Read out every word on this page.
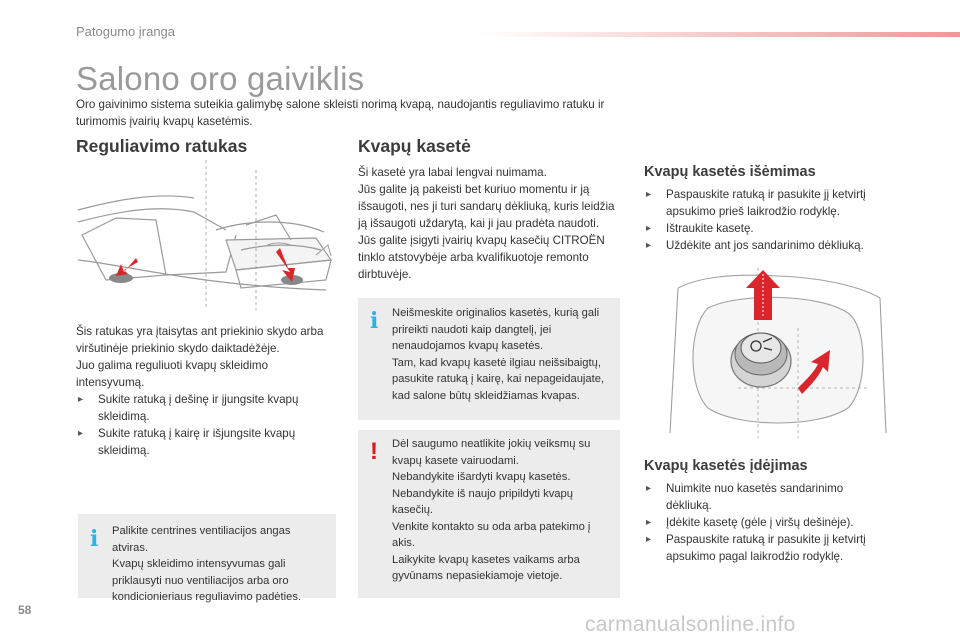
Patogumo įranga
Salono oro gaiviklis
Oro gaivinimo sistema suteikia galimybę salone skleisti norimą kvapą, naudojantis reguliavimo ratuku ir turimomis įvairių kvapų kasetėmis.
Reguliavimo ratukas

Šis ratukas yra įtaisytas ant priekinio skydo arba viršutinėje priekinio skydo daiktadėžėje.

Juo galima reguliuoti kvapų skleidimo intensyvumą.

▸ Sukite ratuką į dešinę ir įjungsite kvapų skleidimą.
▸ Sukite ratuką į kairę ir išjungsite kvapų skleidimą.
i Palikite centrines ventiliacijos angas atviras.

Kvapų skleidimo intensyvumas gali priklausyti nuo ventiliacijos arba oro kondicionieriaus reguliavimo padėties.

Kvapų kasetė

Ši kasetė yra labai lengvai nuimama.

Jūs galite ją pakeisti bet kuriuo momentu ir ją išsaugoti, nes ji turi sandarų dėkliuką, kuris leidžia ją išsaugoti uždarytą, kai ji jau pradėta naudoti.

Jūs galite įsigyti įvairių kvapų kasečių CITROËN tinklo atstovybėje arba kvalifikuotoje remonto dirbtuvėje.

i Neišmeskite originalios kasetės, kurią gali prireikti naudoti kaip dangtelį, jei nenaudojamos kvapų kasetės.

Tam, kad kvapų kasetė ilgiau neišsibaigtų, pasukite ratuką į kairę, kai nepageidaujate, kad salone būtų skleidžiamas kvapas.

! Dėl saugumo neatlikite jokių veiksmų su kvapų kasete vairuodami.

Nebandykite išardyti kvapų kasetės.

Nebandykite iš naujo pripildyti kvapų kasečių.

Venkite kontakto su oda arba patekimo į akis.

Laikykite kvapų kasetes vaikams arba gyvūnams nepasiekiamoje vietoje.

Kvapų kasetės išėmimas
▸ Paspauskite ratuką ir pasukite jį ketvirtį apsukimo prieš laikrodžio rodyklę.
▸ Ištraukite kasetę.
▸ Uždėkite ant jos sandarinimo dėkliuką.
Kvapų kasetės įdėjimas
▸ Nuimkite nuo kasetės sandarinimo dėkliuką.
▸ Įdėkite kasetę (gėle į viršų dešinėje).
▸ Paspauskite ratuką ir pasukite jį ketvirtį apsukimo pagal laikrodžio rodyklę.
58
carmanualsonline.info
